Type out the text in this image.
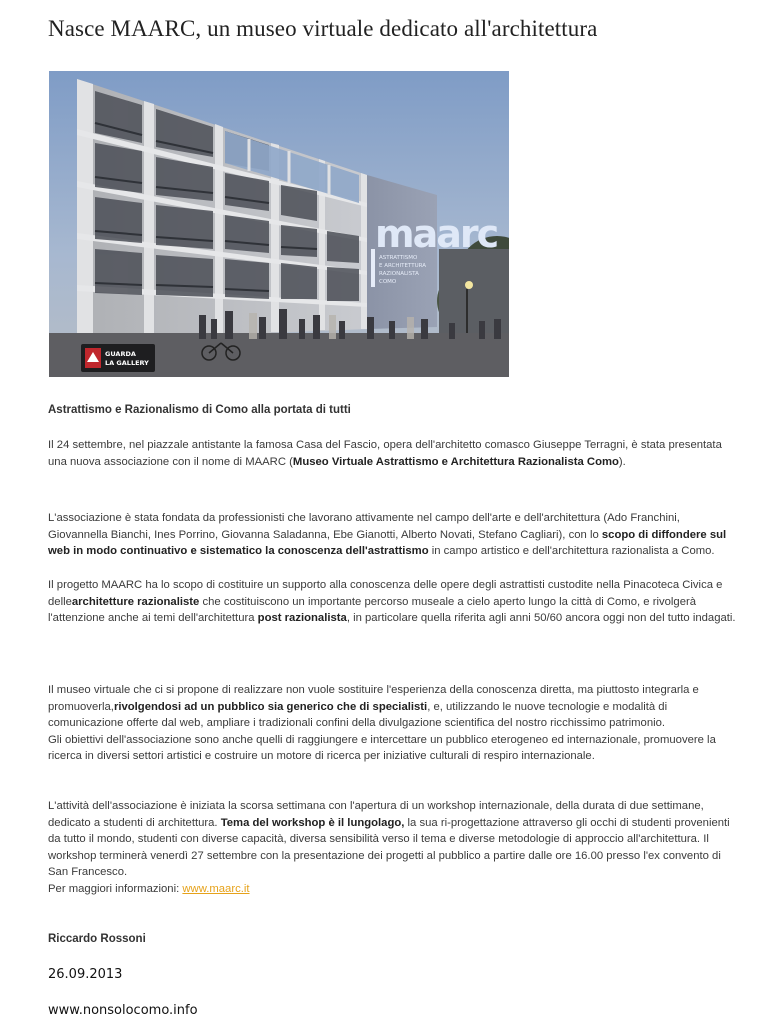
Nasce MAARC, un museo virtuale dedicato all'architettura
maarc
ASTRATTISMO
E ARCHITETTURA
RAZIONALISTA
COMO
GUARDA
LA GALLERY
Astrattismo e Razionalismo di Como alla portata di tutti

Il 24 settembre, nel piazzale antistante la famosa Casa del Fascio, opera dell'architetto comasco Giuseppe Terragni, è stata presentata una nuova associazione con il nome di MAARC (Museo Virtuale Astrattismo e Architettura Razionalista Como).

L'associazione è stata fondata da professionisti che lavorano attivamente nel campo dell'arte e dell'architettura (Ado Franchini, Giovannella Bianchi, Ines Porrino, Giovanna Saladanna, Ebe Gianotti, Alberto Novati, Stefano Cagliari), con lo scopo di diffondere sul web in modo continuativo e sistematico la conoscenza dell'astrattismo in campo artistico e dell'architettura razionalista a Como.

Il progetto MAARC ha lo scopo di costituire un supporto alla conoscenza delle opere degli astrattisti custodite nella Pinacoteca Civica e dellearchitetture razionaliste che costituiscono un importante percorso museale a cielo aperto lungo la città di Como, e rivolgerà l'attenzione anche ai temi dell'architettura post razionalista, in particolare quella riferita agli anni 50/60 ancora oggi non del tutto indagati.

Il museo virtuale che ci si propone di realizzare non vuole sostituire l'esperienza della conoscenza diretta, ma piuttosto integrarla e promuoverla,rivolgendosi ad un pubblico sia generico che di specialisti, e, utilizzando le nuove tecnologie e modalità di comunicazione offerte dal web, ampliare i tradizionali confini della divulgazione scientifica del nostro ricchissimo patrimonio.
Gli obiettivi dell'associazione sono anche quelli di raggiungere e intercettare un pubblico eterogeneo ed internazionale, promuovere la ricerca in diversi settori artistici e costruire un motore di ricerca per iniziative culturali di respiro internazionale.

L'attività dell'associazione è iniziata la scorsa settimana con l'apertura di un workshop internazionale, della durata di due settimane, dedicato a studenti di architettura. Tema del workshop è il lungolago, la sua ri-progettazione attraverso gli occhi di studenti provenienti da tutto il mondo, studenti con diverse capacità, diversa sensibilità verso il tema e diverse metodologie di approccio all'architettura. Il workshop terminerà venerdì 27 settembre con la presentazione dei progetti al pubblico a partire dalle ore 16.00 presso l'ex convento di San Francesco.
Per maggiori informazioni: www.maarc.it

Riccardo Rossoni
26.09.2013
www.nonsolocomo.info
